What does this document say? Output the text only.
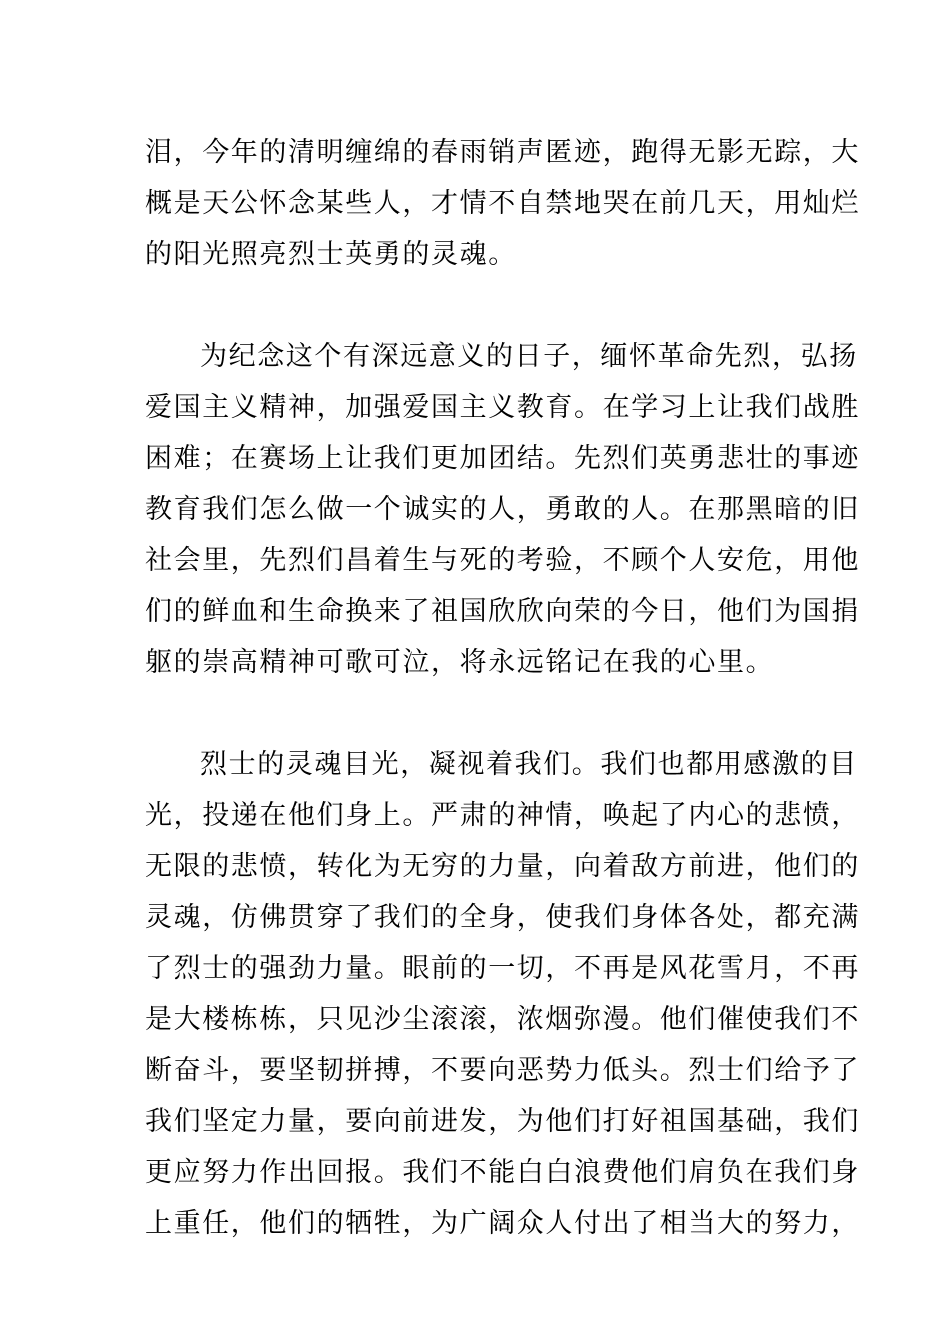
泪，今年的清明缠绵的春雨销声匿迹，跑得无影无踪，大
概是天公怀念某些人，才情不自禁地哭在前几天，用灿烂
的阳光照亮烈士英勇的灵魂。
为纪念这个有深远意义的日子，缅怀革命先烈，弘扬
爱国主义精神，加强爱国主义教育。在学习上让我们战胜
困难；在赛场上让我们更加团结。先烈们英勇悲壮的事迹
教育我们怎么做一个诚实的人，勇敢的人。在那黑暗的旧
社会里，先烈们昌着生与死的考验，不顾个人安危，用他
们的鲜血和生命换来了祖国欣欣向荣的今日，他们为国捐
躯的崇高精神可歌可泣，将永远铭记在我的心里。
烈士的灵魂目光，凝视着我们。我们也都用感激的目
光，投递在他们身上。严肃的神情，唤起了内心的悲愤，
无限的悲愤，转化为无穷的力量，向着敌方前进，他们的
灵魂，仿佛贯穿了我们的全身，使我们身体各处，都充满
了烈士的强劲力量。眼前的一切，不再是风花雪月，不再
是大楼栋栋，只见沙尘滚滚，浓烟弥漫。他们催使我们不
断奋斗，要坚韧拼搏，不要向恶势力低头。烈士们给予了
我们坚定力量，要向前进发，为他们打好祖国基础，我们
更应努力作出回报。我们不能白白浪费他们肩负在我们身
上重任，他们的牺牲，为广阔众人付出了相当大的努力，
